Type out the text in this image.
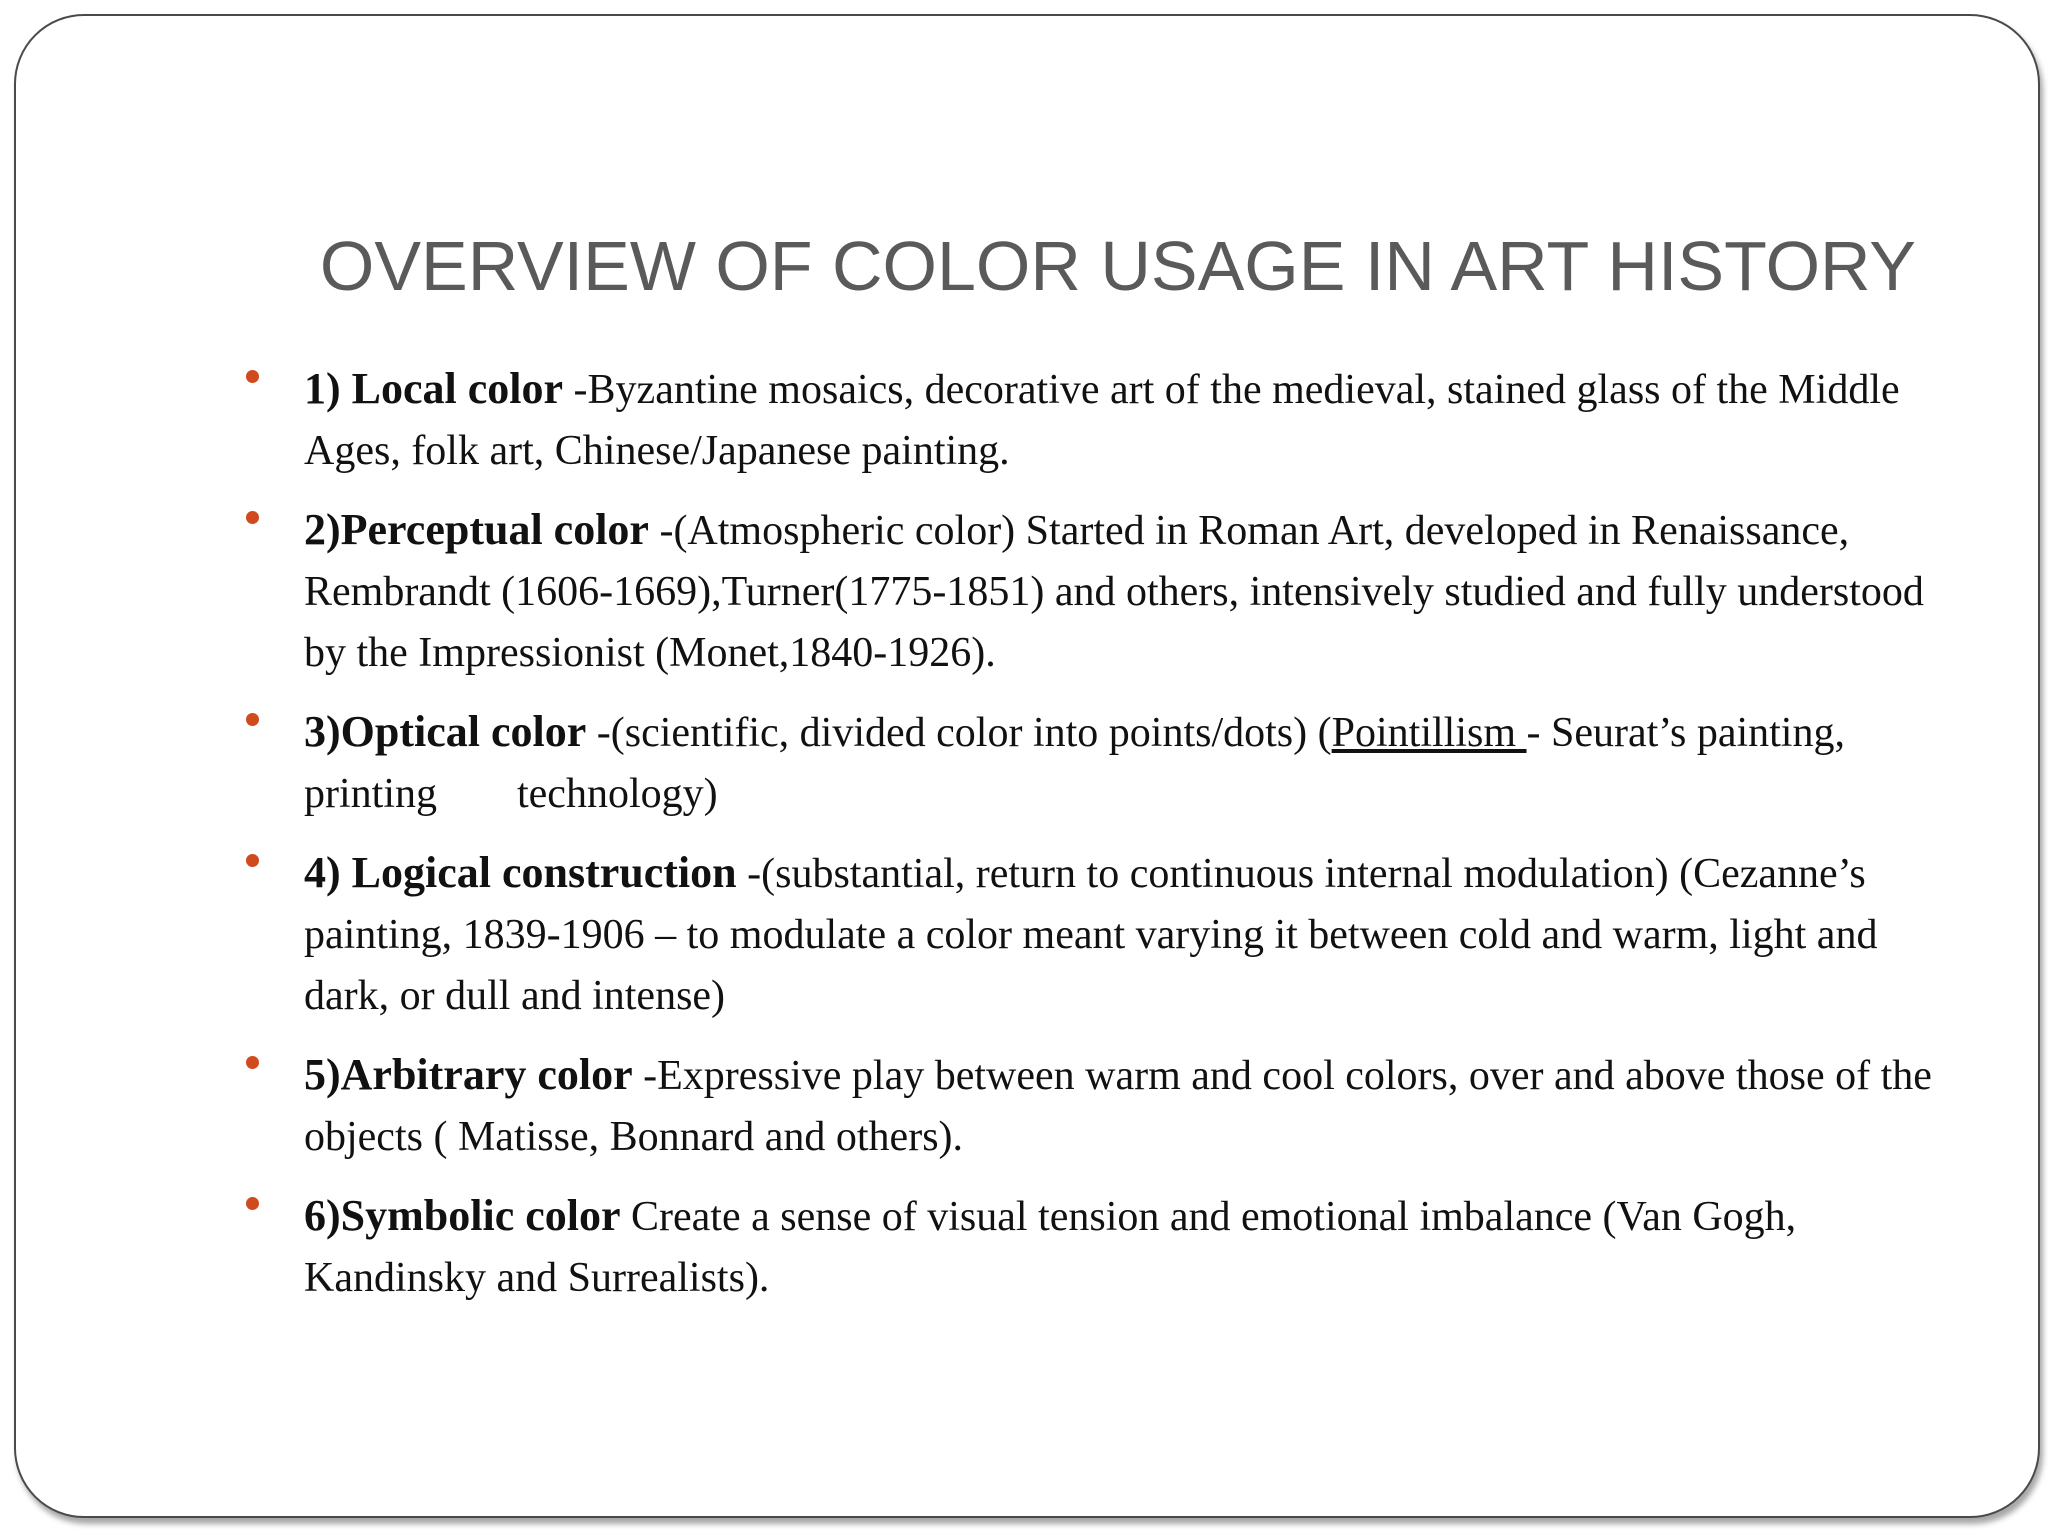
OVERVIEW OF COLOR USAGE IN ART HISTORY
1) Local color -Byzantine mosaics, decorative art of the medieval, stained glass of the Middle Ages, folk art, Chinese/Japanese painting.
2)Perceptual color -(Atmospheric color) Started in Roman Art, developed in Renaissance, Rembrandt (1606-1669),Turner(1775-1851) and others, intensively studied and fully understood by the Impressionist (Monet,1840-1926).
3)Optical color -(scientific, divided color into points/dots) (Pointillism - Seurat’s painting, printing technology)
4) Logical construction -(substantial, return to continuous internal modulation) (Cezanne’s painting, 1839-1906 – to modulate a color meant varying it between cold and warm, light and dark, or dull and intense)
5)Arbitrary color -Expressive play between warm and cool colors, over and above those of the objects ( Matisse, Bonnard and others).
6)Symbolic color Create a sense of visual tension and emotional imbalance (Van Gogh, Kandinsky and Surrealists).
